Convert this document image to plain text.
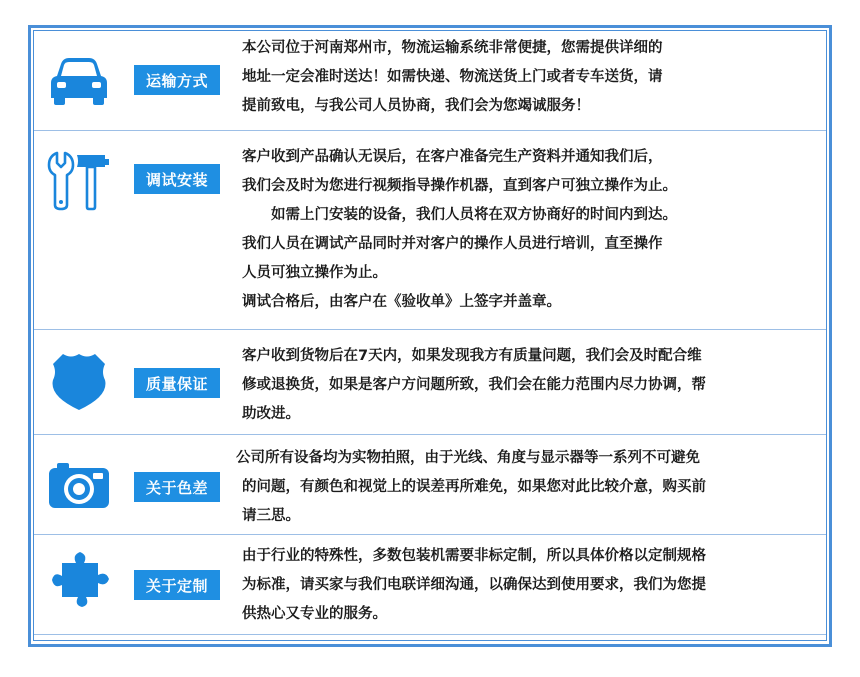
运输方式
本公司位于河南郑州市，物流运输系统非常便捷，您需提供详细的
地址一定会准时送达！如需快递、物流送货上门或者专车送货，请
提前致电，与我公司人员协商，我们会为您竭诚服务！
调试安装
客户收到产品确认无误后，在客户准备完生产资料并通知我们后，
我们会及时为您进行视频指导操作机器，直到客户可独立操作为止。
　　如需上门安装的设备，我们人员将在双方协商好的时间内到达。
我们人员在调试产品同时并对客户的操作人员进行培训，直至操作
人员可独立操作为止。
调试合格后，由客户在《验收单》上签字并盖章。
质量保证
客户收到货物后在7天内，如果发现我方有质量问题，我们会及时配合维
修或退换货，如果是客户方问题所致，我们会在能力范围内尽力协调，帮
助改进。
关于色差
公司所有设备均为实物拍照，由于光线、角度与显示器等一系列不可避免
的问题，有颜色和视觉上的误差再所难免，如果您对此比较介意，购买前
请三思。
关于定制
由于行业的特殊性，多数包装机需要非标定制，所以具体价格以定制规格
为标准，请买家与我们电联详细沟通，以确保达到使用要求，我们为您提
供热心又专业的服务。
